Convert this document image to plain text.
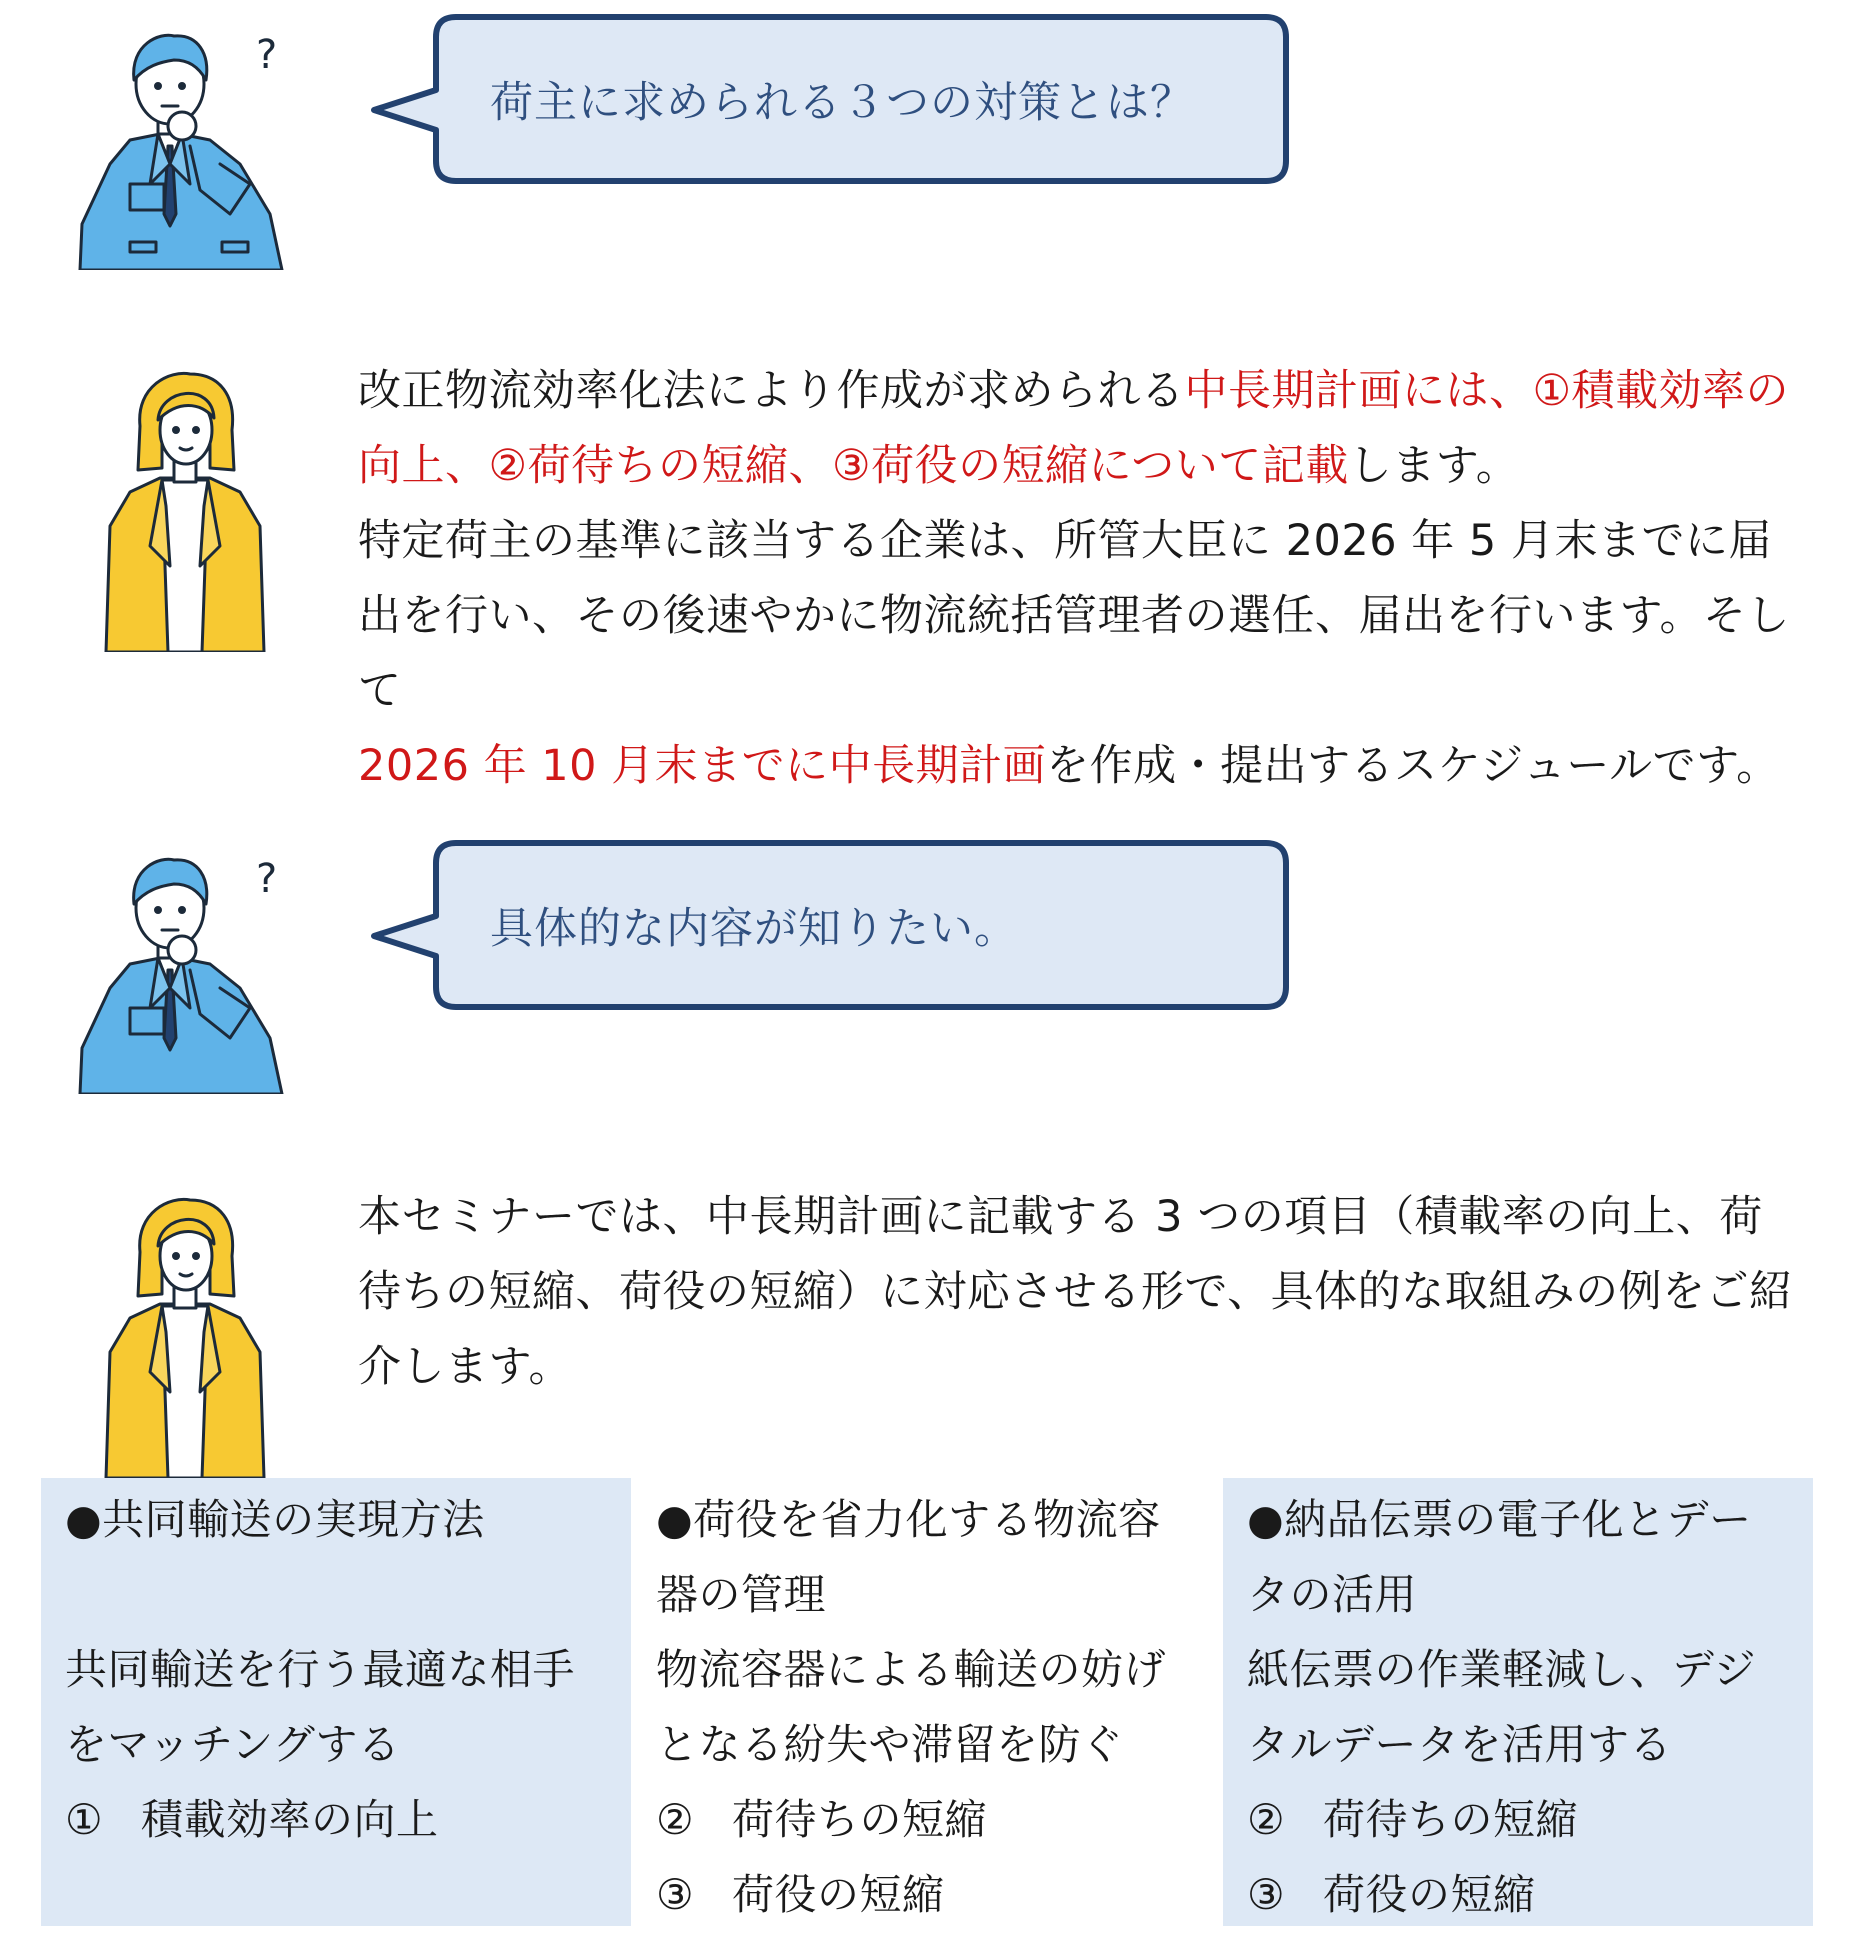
?
荷主に求められる３つの対策とは？
改正物流効率化法により作成が求められる中長期計画には、①積載効率の向上、②荷待ちの短縮、③荷役の短縮について記載します。
特定荷主の基準に該当する企業は、所管大臣に 2026 年 5 月末までに届出を行い、その後速やかに物流統括管理者の選任、届出を行います。そして
2026 年 10 月末までに中長期計画を作成・提出するスケジュールです。
?
具体的な内容が知りたい。
本セミナーでは、中長期計画に記載する 3 つの項目（積載率の向上、荷待ちの短縮、荷役の短縮）に対応させる形で、具体的な取組みの例をご紹介します。
●共同輸送の実現方法
共同輸送を行う最適な相手をマッチングする
① 積載効率の向上
●荷役を省力化する物流容器の管理
物流容器による輸送の妨げとなる紛失や滞留を防ぐ
② 荷待ちの短縮
③ 荷役の短縮
●納品伝票の電子化とデータの活用
紙伝票の作業軽減し、デジタルデータを活用する
② 荷待ちの短縮
③ 荷役の短縮
